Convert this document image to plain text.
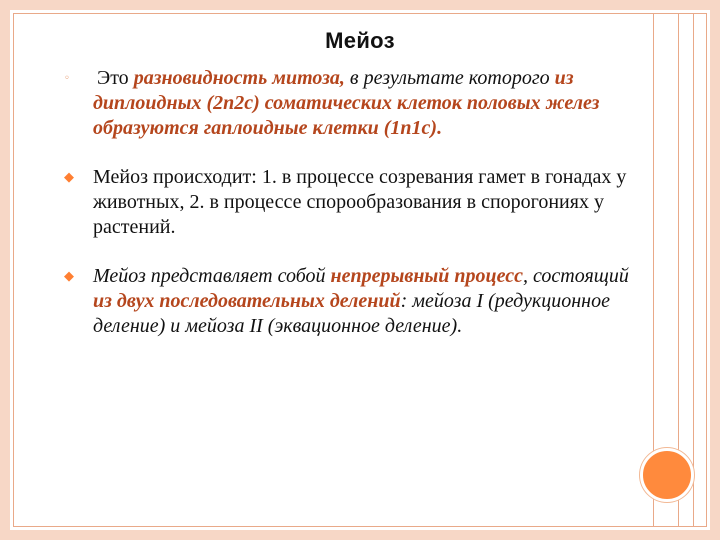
Мейоз
◦ Это разновидность митоза, в результате которого из диплоидных (2n2c) соматических клеток половых желез образуются гаплоидные клетки (1n1c).
◆ Мейоз происходит: 1. в процессе созревания гамет в гонадах у животных, 2. в процессе спорообразования в спорогониях у растений.
◆ Мейоз представляет собой непрерывный процесс, состоящий из двух последовательных делений: мейоза I (редукционное деление) и мейоза II (эквационное деление).
